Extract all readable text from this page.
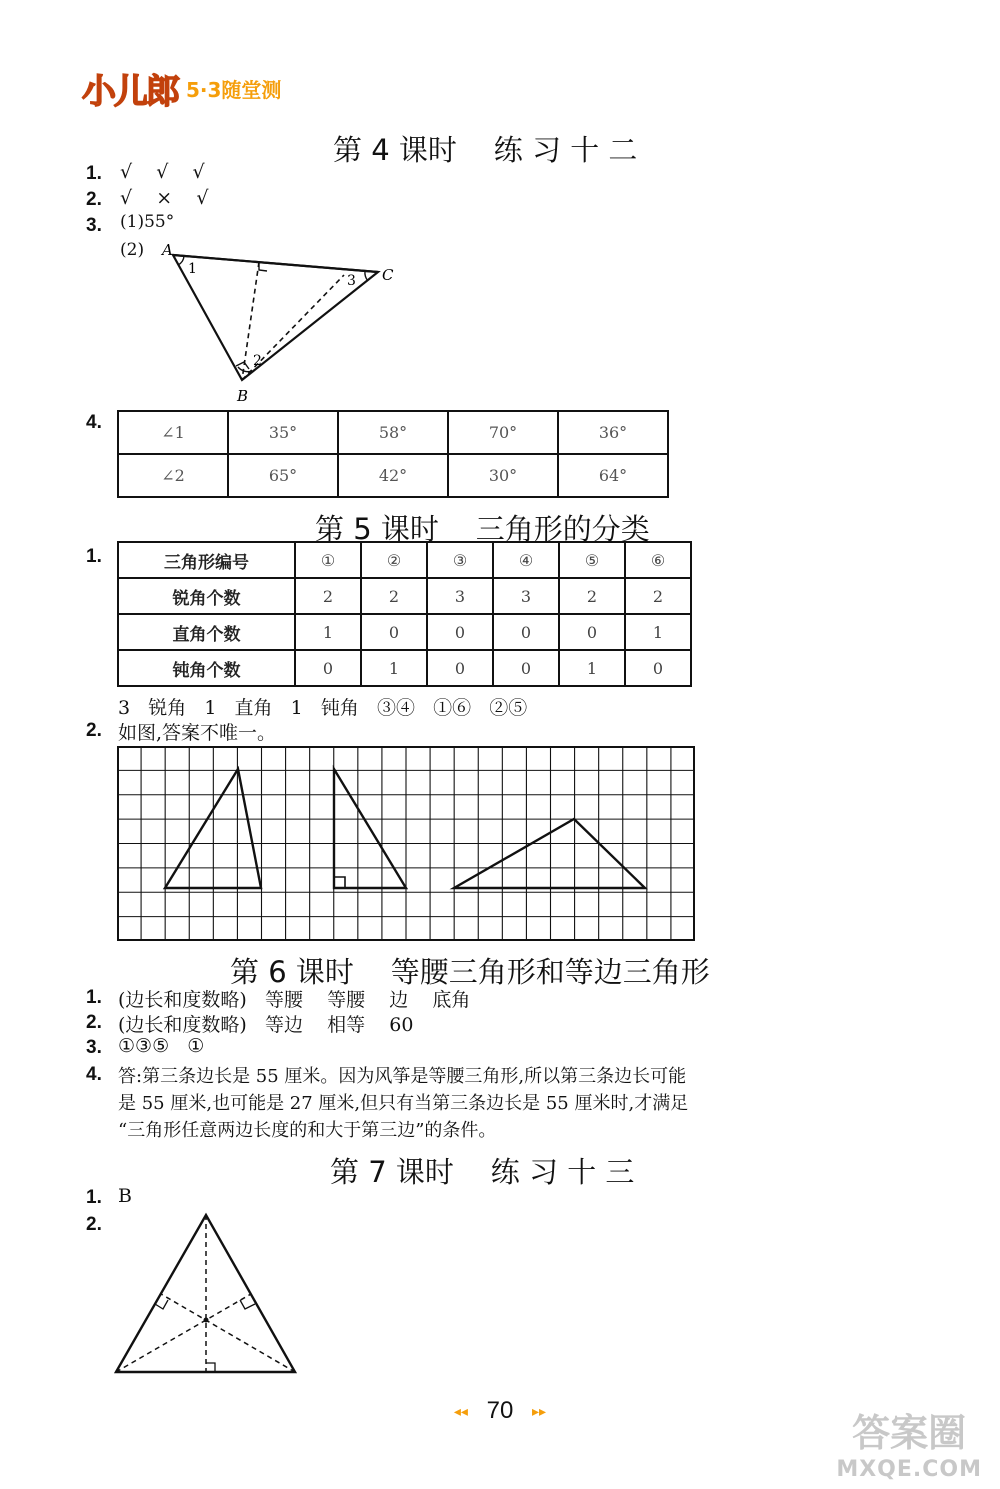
小儿郎 5·3随堂测
第 4 课时    练 习 十 二
1. √    √    √
2. √    ×    √
3. (1)55°
(2) A
C
B
1
3
2
4.	∠1	35°	58°	70°	36°
∠2	65°	42°	30°	64°
第 5 课时    三角形的分类
1.	三角形编号	①	②	③	④	⑤	⑥
锐角个数	2	2	3	3	2	2
直角个数	1	0	0	0	0	1
钝角个数	0	1	0	0	1	0
3   锐角   1   直角   1   钝角   ③④   ①⑥   ②⑤
2. 如图,答案不唯一。
第 6 课时    等腰三角形和等边三角形
1. (边长和度数略)   等腰    等腰    边    底角
2. (边长和度数略)   等边    相等    60
3. ①③⑤   ①
4. 答:第三条边长是 55 厘米。因为风筝是等腰三角形,所以第三条边长可能
是 55 厘米,也可能是 27 厘米,但只有当第三条边长是 55 厘米时,才满足
“三角形任意两边长度的和大于第三边”的条件。
第 7 课时    练 习 十 三
1. B
2.
◂◂ 70 ▸▸	答案圈
MXQE.COM
